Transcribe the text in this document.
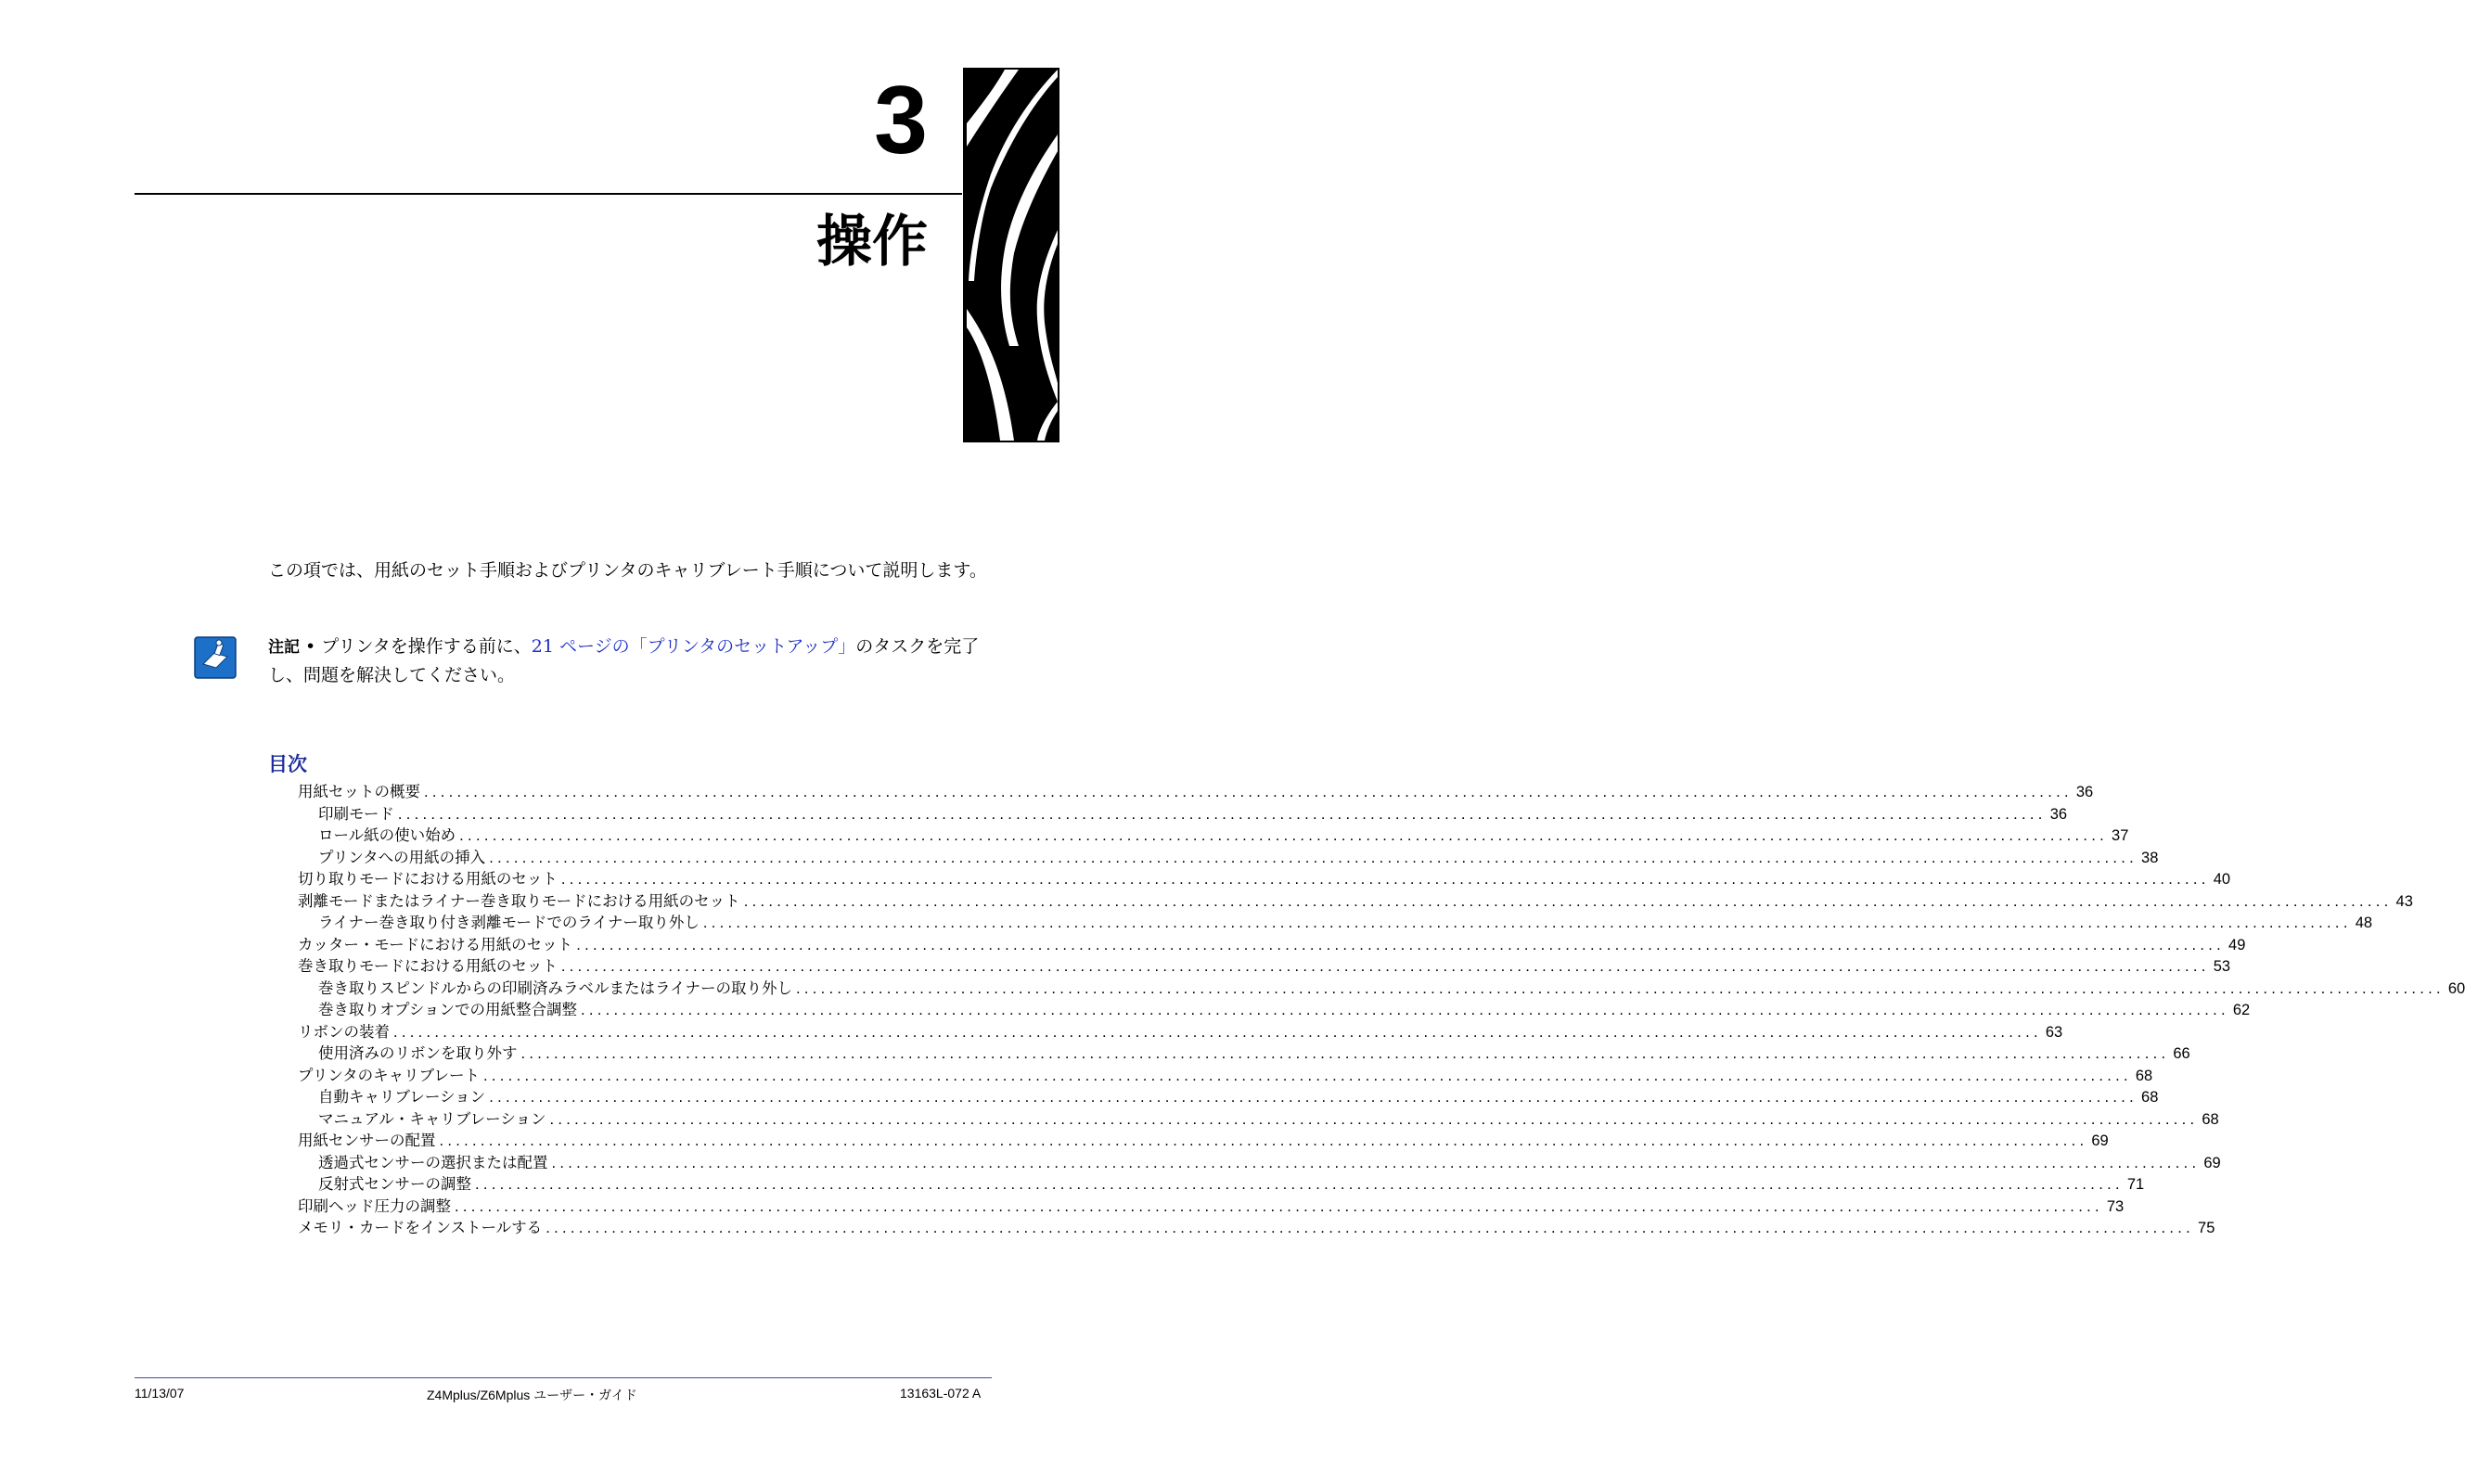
3
操作
この項では、用紙のセット手順およびプリンタのキャリブレート手順について説明します。
注記 • プリンタを操作する前に、21 ページの「プリンタのセットアップ」のタスクを完了し、問題を解決してください。
目次
用紙セットの概要 ........................................................................................................................................................................................................ 36
印刷モード ........................................................................................................................................................................................................ 36
ロール紙の使い始め ........................................................................................................................................................................................................ 37
プリンタへの用紙の挿入 ........................................................................................................................................................................................................ 38
切り取りモードにおける用紙のセット ........................................................................................................................................................................................................ 40
剥離モードまたはライナー巻き取りモードにおける用紙のセット ........................................................................................................................................................................................................ 43
ライナー巻き取り付き剥離モードでのライナー取り外し ........................................................................................................................................................................................................ 48
カッター・モードにおける用紙のセット ........................................................................................................................................................................................................ 49
巻き取りモードにおける用紙のセット ........................................................................................................................................................................................................ 53
巻き取りスピンドルからの印刷済みラベルまたはライナーの取り外し ........................................................................................................................................................................................................ 60
巻き取りオプションでの用紙整合調整 ........................................................................................................................................................................................................ 62
リボンの装着 ........................................................................................................................................................................................................ 63
使用済みのリボンを取り外す ........................................................................................................................................................................................................ 66
プリンタのキャリブレート ........................................................................................................................................................................................................ 68
自動キャリブレーション ........................................................................................................................................................................................................ 68
マニュアル・キャリブレーション ........................................................................................................................................................................................................ 68
用紙センサーの配置 ........................................................................................................................................................................................................ 69
透過式センサーの選択または配置 ........................................................................................................................................................................................................ 69
反射式センサーの調整 ........................................................................................................................................................................................................ 71
印刷ヘッド圧力の調整 ........................................................................................................................................................................................................ 73
メモリ・カードをインストールする ........................................................................................................................................................................................................ 75
11/13/07	Z4Mplus/Z6Mplus ユーザー・ガイド	13163L-072 A
